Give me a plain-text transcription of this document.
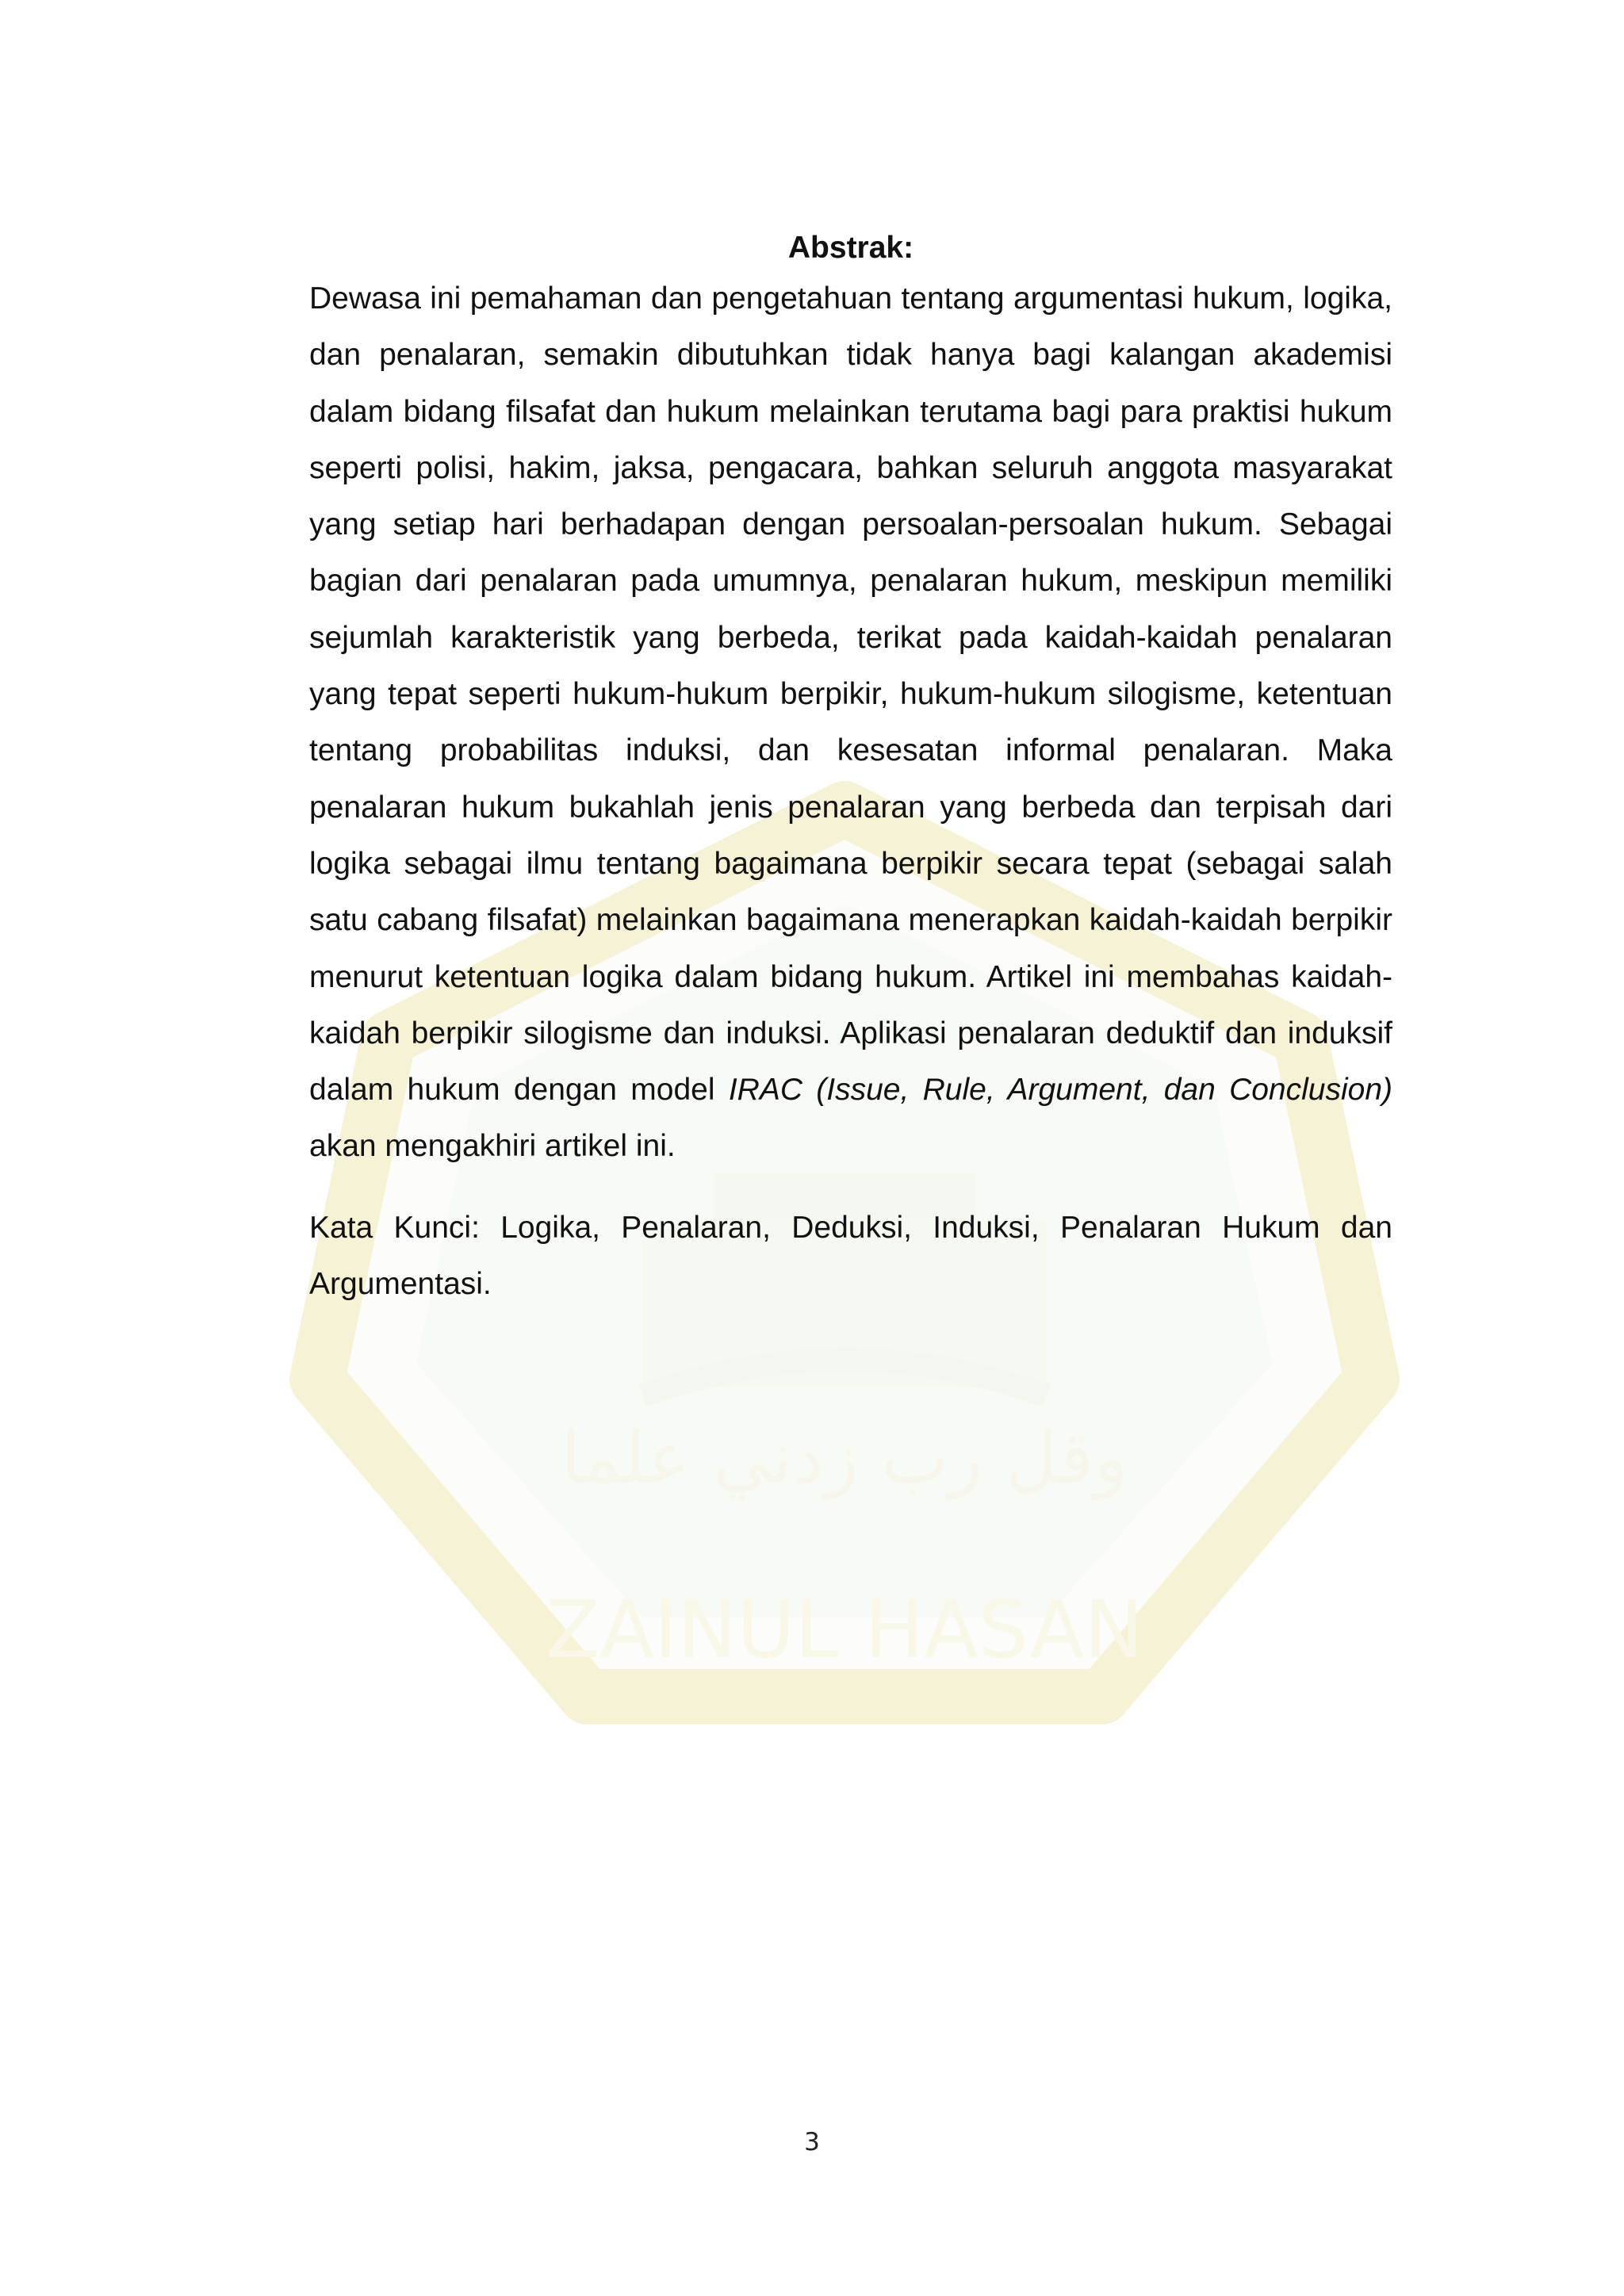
وقل رب زدني علما
ZAINUL HASAN

Abstrak:

Dewasa ini pemahaman dan pengetahuan tentang argumentasi hukum, logika, dan penalaran, semakin dibutuhkan tidak hanya bagi kalangan akademisi dalam bidang filsafat dan hukum melainkan terutama bagi para praktisi hukum seperti polisi, hakim, jaksa, pengacara, bahkan seluruh anggota masyarakat yang setiap hari berhadapan dengan persoalan-persoalan hukum. Sebagai bagian dari penalaran pada umumnya, penalaran hukum, meskipun memiliki sejumlah karakteristik yang berbeda, terikat pada kaidah-kaidah penalaran yang tepat seperti hukum-hukum berpikir, hukum-hukum silogisme, ketentuan tentang probabilitas induksi, dan kesesatan informal penalaran. Maka penalaran hukum bukahlah jenis penalaran yang berbeda dan terpisah dari logika sebagai ilmu tentang bagaimana berpikir secara tepat (sebagai salah satu cabang filsafat) melainkan bagaimana menerapkan kaidah-kaidah berpikir menurut ketentuan logika dalam bidang hukum. Artikel ini membahas kaidah-kaidah berpikir silogisme dan induksi. Aplikasi penalaran deduktif dan induksif dalam hukum dengan model IRAC (Issue, Rule, Argument, dan Conclusion) akan mengakhiri artikel ini.

Kata Kunci: Logika, Penalaran, Deduksi, Induksi, Penalaran Hukum dan Argumentasi.

3
